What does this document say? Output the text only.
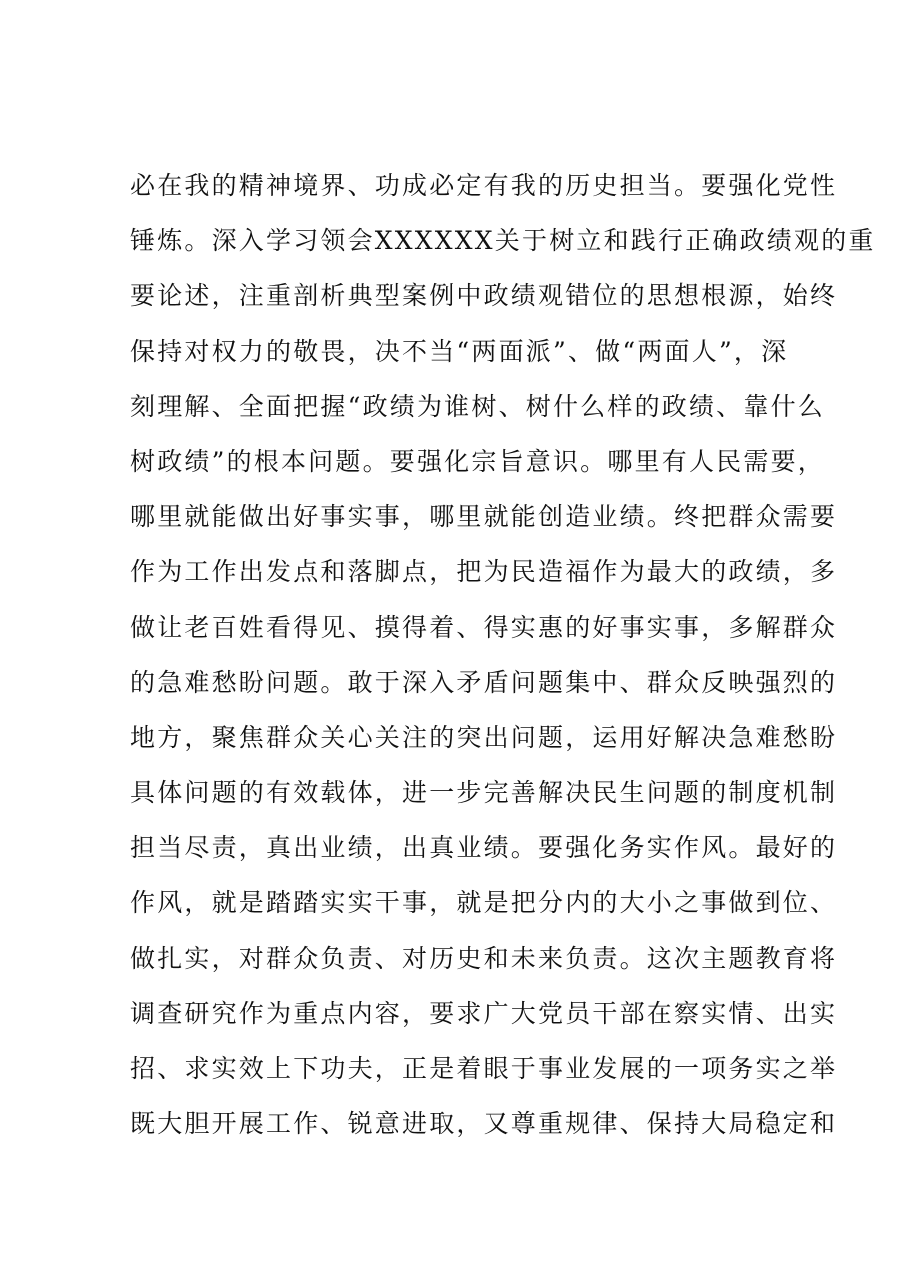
必在我的精神境界、功成必定有我的历史担当。要强化党性
锤炼。深入学习领会XXXXXX关于树立和践行正确政绩观的重
要论述，注重剖析典型案例中政绩观错位的思想根源，始终
保持对权力的敬畏，决不当“两面派”、做“两面人”，深
刻理解、全面把握“政绩为谁树、树什么样的政绩、靠什么
树政绩”的根本问题。要强化宗旨意识。哪里有人民需要，
哪里就能做出好事实事，哪里就能创造业绩。终把群众需要
作为工作出发点和落脚点，把为民造福作为最大的政绩，多
做让老百姓看得见、摸得着、得实惠的好事实事，多解群众
的急难愁盼问题。敢于深入矛盾问题集中、群众反映强烈的
地方，聚焦群众关心关注的突出问题，运用好解决急难愁盼
具体问题的有效载体，进一步完善解决民生问题的制度机制
担当尽责，真出业绩，出真业绩。要强化务实作风。最好的
作风，就是踏踏实实干事，就是把分内的大小之事做到位、
做扎实，对群众负责、对历史和未来负责。这次主题教育将
调查研究作为重点内容，要求广大党员干部在察实情、出实
招、求实效上下功夫，正是着眼于事业发展的一项务实之举
既大胆开展工作、锐意进取，又尊重规律、保持大局稳定和
